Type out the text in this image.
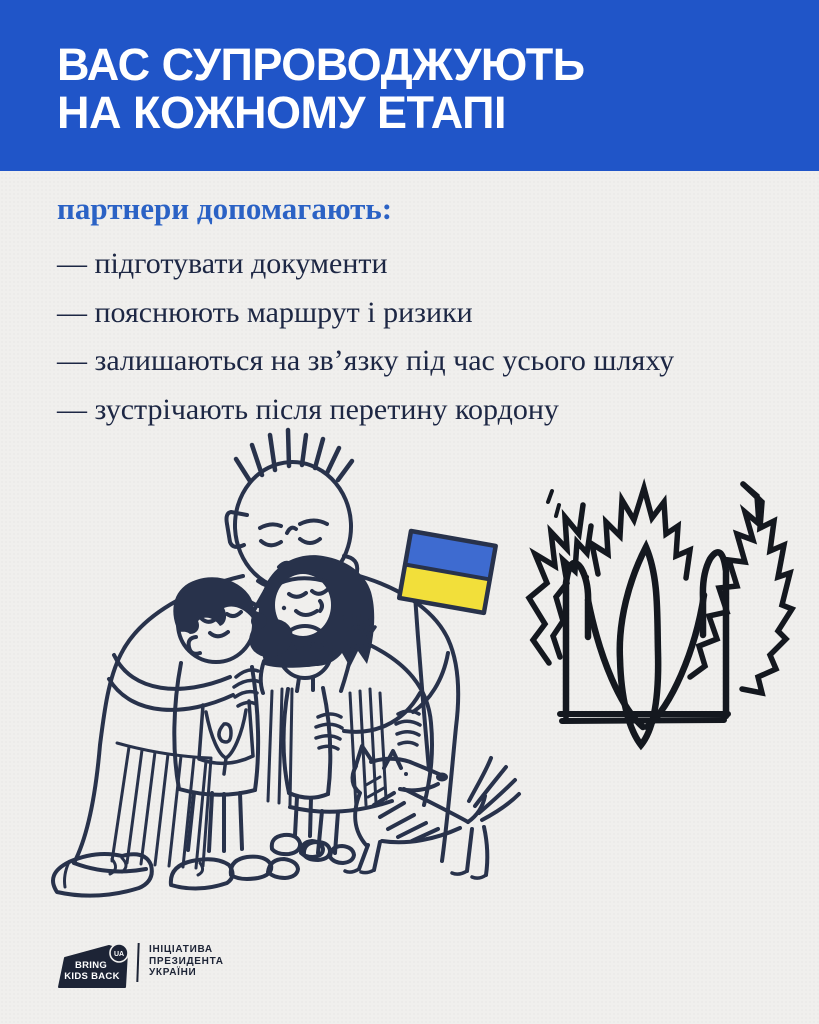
ВАС СУПРОВОДЖУЮТЬ
НА КОЖНОМУ ЕТАПІ

партнери допомагають:

— підготувати документи

— пояснюють маршрут і ризики

— залишаються на зв’язку під час усього шляху

— зустрічають після перетину кордону

UA
BRING
KIDS BACK
ІНІЦІАТИВА
ПРЕЗИДЕНТА
УКРАЇНИ
